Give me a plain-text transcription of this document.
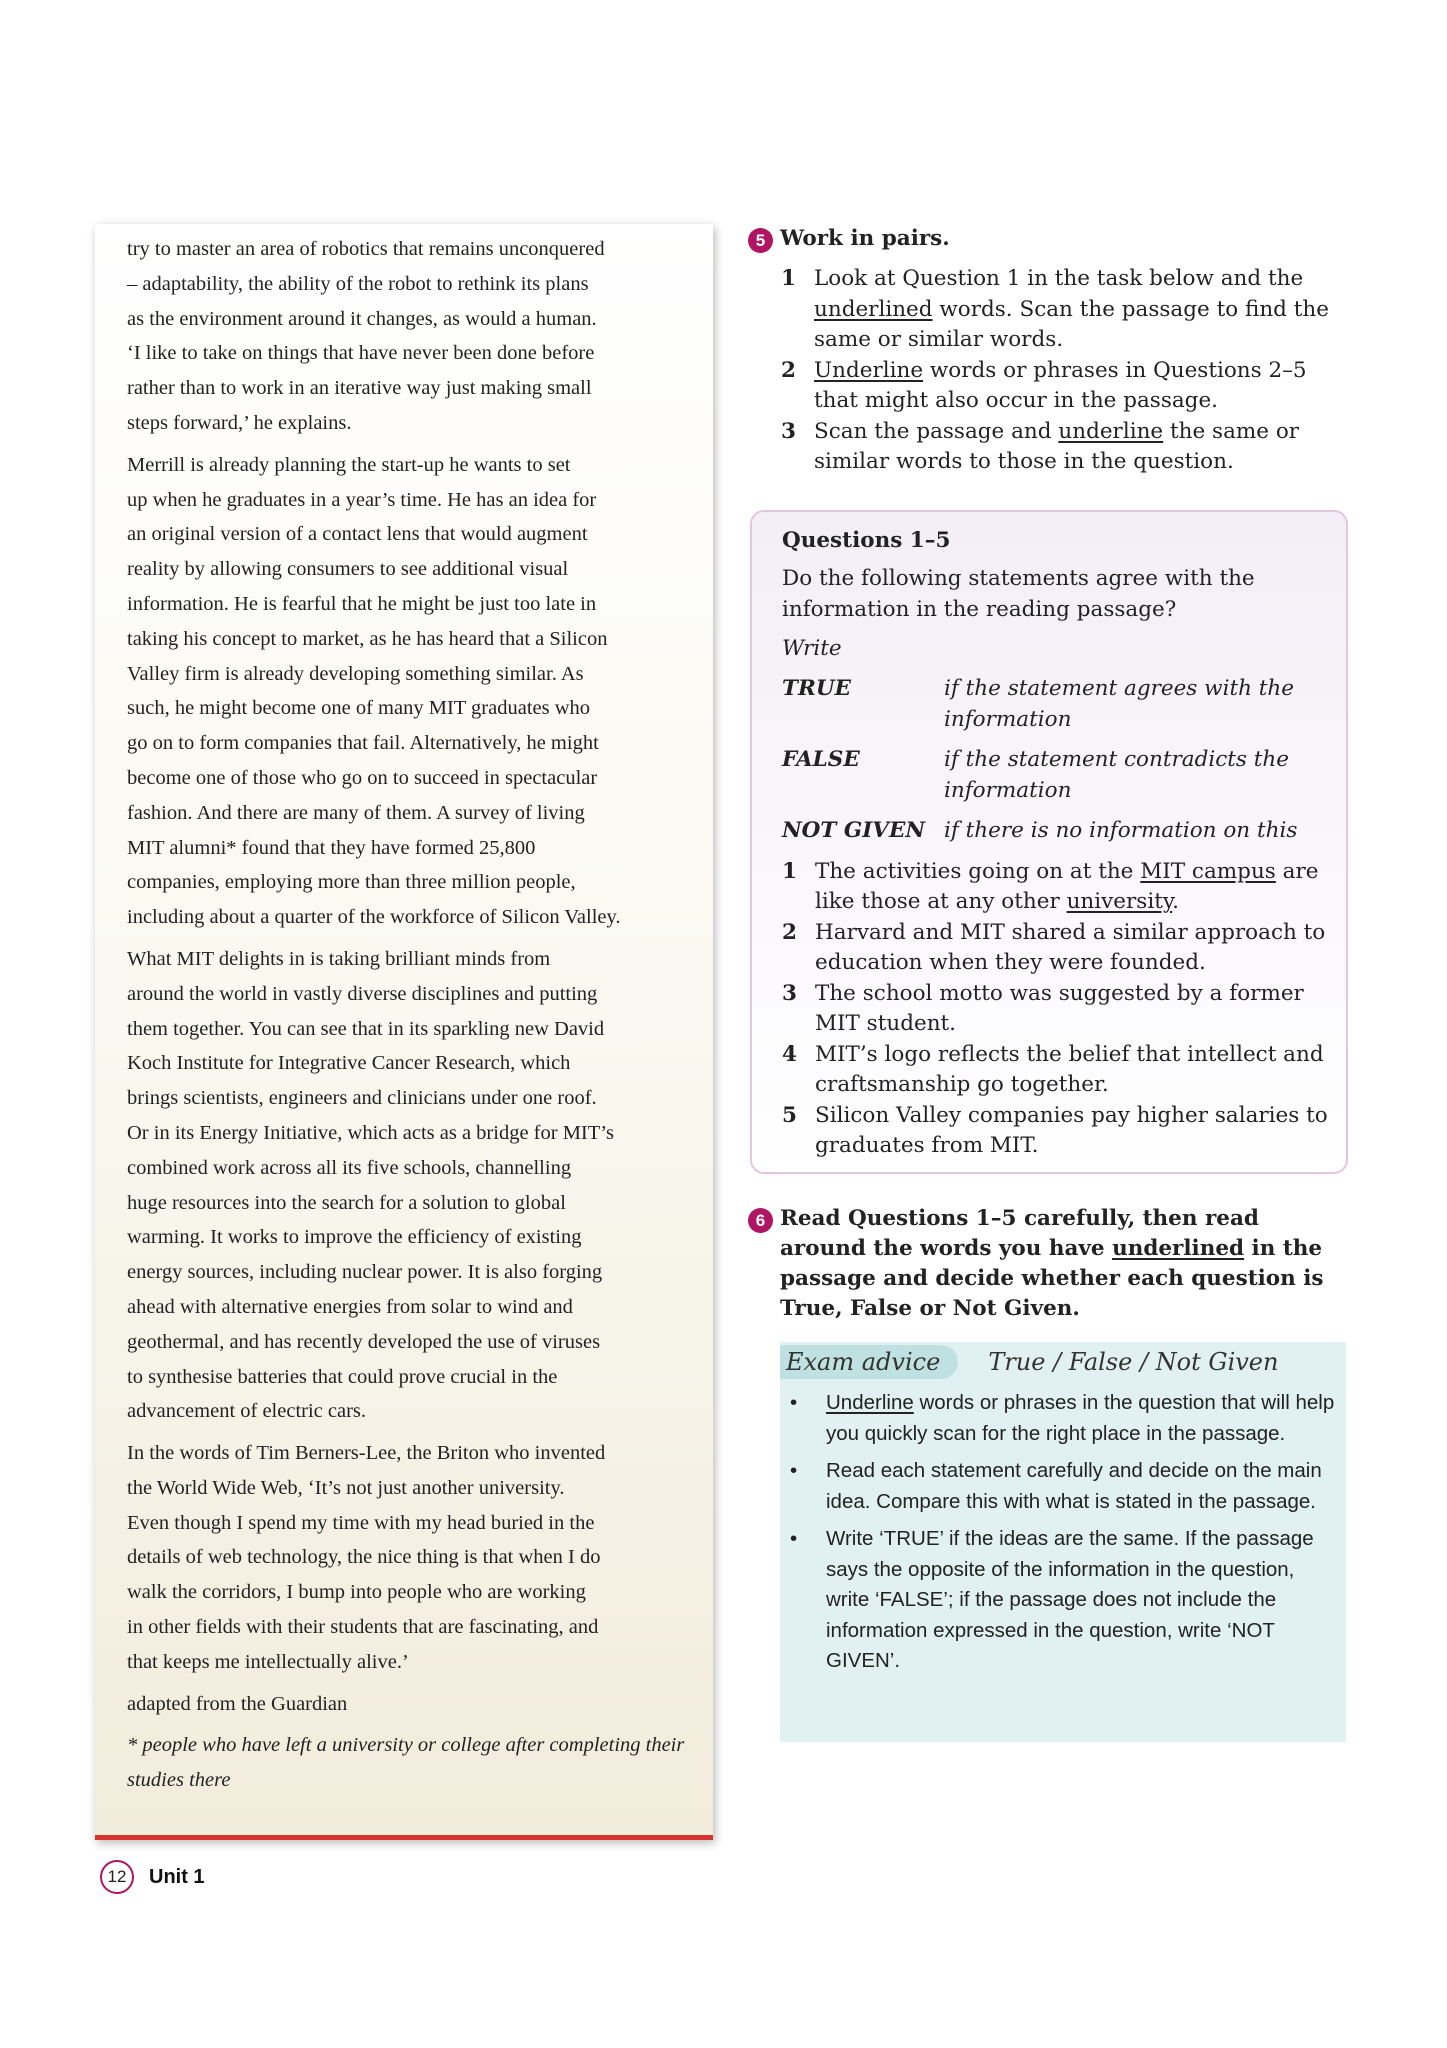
try to master an area of robotics that remains unconquered
– adaptability, the ability of the robot to rethink its plans
as the environment around it changes, as would a human.
‘I like to take on things that have never been done before
rather than to work in an iterative way just making small
steps forward,’ he explains.

Merrill is already planning the start-up he wants to set
up when he graduates in a year’s time. He has an idea for
an original version of a contact lens that would augment
reality by allowing consumers to see additional visual
information. He is fearful that he might be just too late in
taking his concept to market, as he has heard that a Silicon
Valley firm is already developing something similar. As
such, he might become one of many MIT graduates who
go on to form companies that fail. Alternatively, he might
become one of those who go on to succeed in spectacular
fashion. And there are many of them. A survey of living
MIT alumni* found that they have formed 25,800
companies, employing more than three million people,
including about a quarter of the workforce of Silicon Valley.

What MIT delights in is taking brilliant minds from
around the world in vastly diverse disciplines and putting
them together. You can see that in its sparkling new David
Koch Institute for Integrative Cancer Research, which
brings scientists, engineers and clinicians under one roof.
Or in its Energy Initiative, which acts as a bridge for MIT’s
combined work across all its five schools, channelling
huge resources into the search for a solution to global
warming. It works to improve the efficiency of existing
energy sources, including nuclear power. It is also forging
ahead with alternative energies from solar to wind and
geothermal, and has recently developed the use of viruses
to synthesise batteries that could prove crucial in the
advancement of electric cars.

In the words of Tim Berners-Lee, the Briton who invented
the World Wide Web, ‘It’s not just another university.
Even though I spend my time with my head buried in the
details of web technology, the nice thing is that when I do
walk the corridors, I bump into people who are working
in other fields with their students that are fascinating, and
that keeps me intellectually alive.’

adapted from the Guardian

* people who have left a university or college after completing their
studies there

12	Unit 1
5 Work in pairs.
1 Look at Question 1 in the task below and the underlined words. Scan the passage to find the same or similar words.
2 Underline words or phrases in Questions 2–5 that might also occur in the passage.
3 Scan the passage and underline the same or similar words to those in the question.
Questions 1–5
Do the following statements agree with the information in the reading passage?
Write
TRUE	if the statement agrees with the information
FALSE	if the statement contradicts the information
NOT GIVEN if there is no information on this
1 The activities going on at the MIT campus are like those at any other university.
2 Harvard and MIT shared a similar approach to education when they were founded.
3 The school motto was suggested by a former MIT student.
4 MIT’s logo reflects the belief that intellect and craftsmanship go together.
5 Silicon Valley companies pay higher salaries to graduates from MIT.
6 Read Questions 1–5 carefully, then read around the words you have underlined in the passage and decide whether each question is True, False or Not Given.
Exam advice	True / False / Not Given
•	Underline words or phrases in the question that will help you quickly scan for the right place in the passage.
•	Read each statement carefully and decide on the main idea. Compare this with what is stated in the passage.
•	Write ‘TRUE’ if the ideas are the same. If the passage says the opposite of the information in the question, write ‘FALSE’; if the passage does not include the information expressed in the question, write ‘NOT GIVEN’.
